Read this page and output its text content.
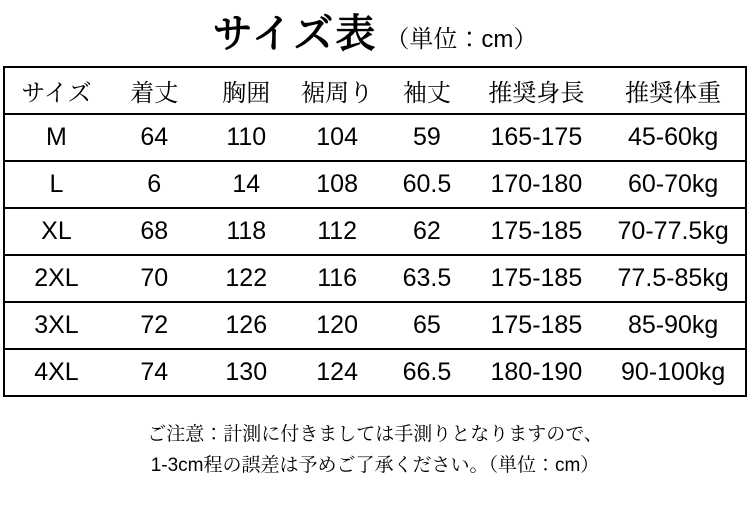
サイズ表 （単位：cm）
サイズ	着丈	胸囲	裾周り	袖丈	推奨身長	推奨体重
M	64	110	104	59	165-175	45-60kg
L	6	14	108	60.5	170-180	60-70kg
XL	68	118	112	62	175-185	70-77.5kg
2XL	70	122	116	63.5	175-185	77.5-85kg
3XL	72	126	120	65	175-185	85-90kg
4XL	74	130	124	66.5	180-190	90-100kg
ご注意：計測に付きましては手測りとなりますので、
1-3cm程の誤差は予めご了承ください。（単位：cm）
